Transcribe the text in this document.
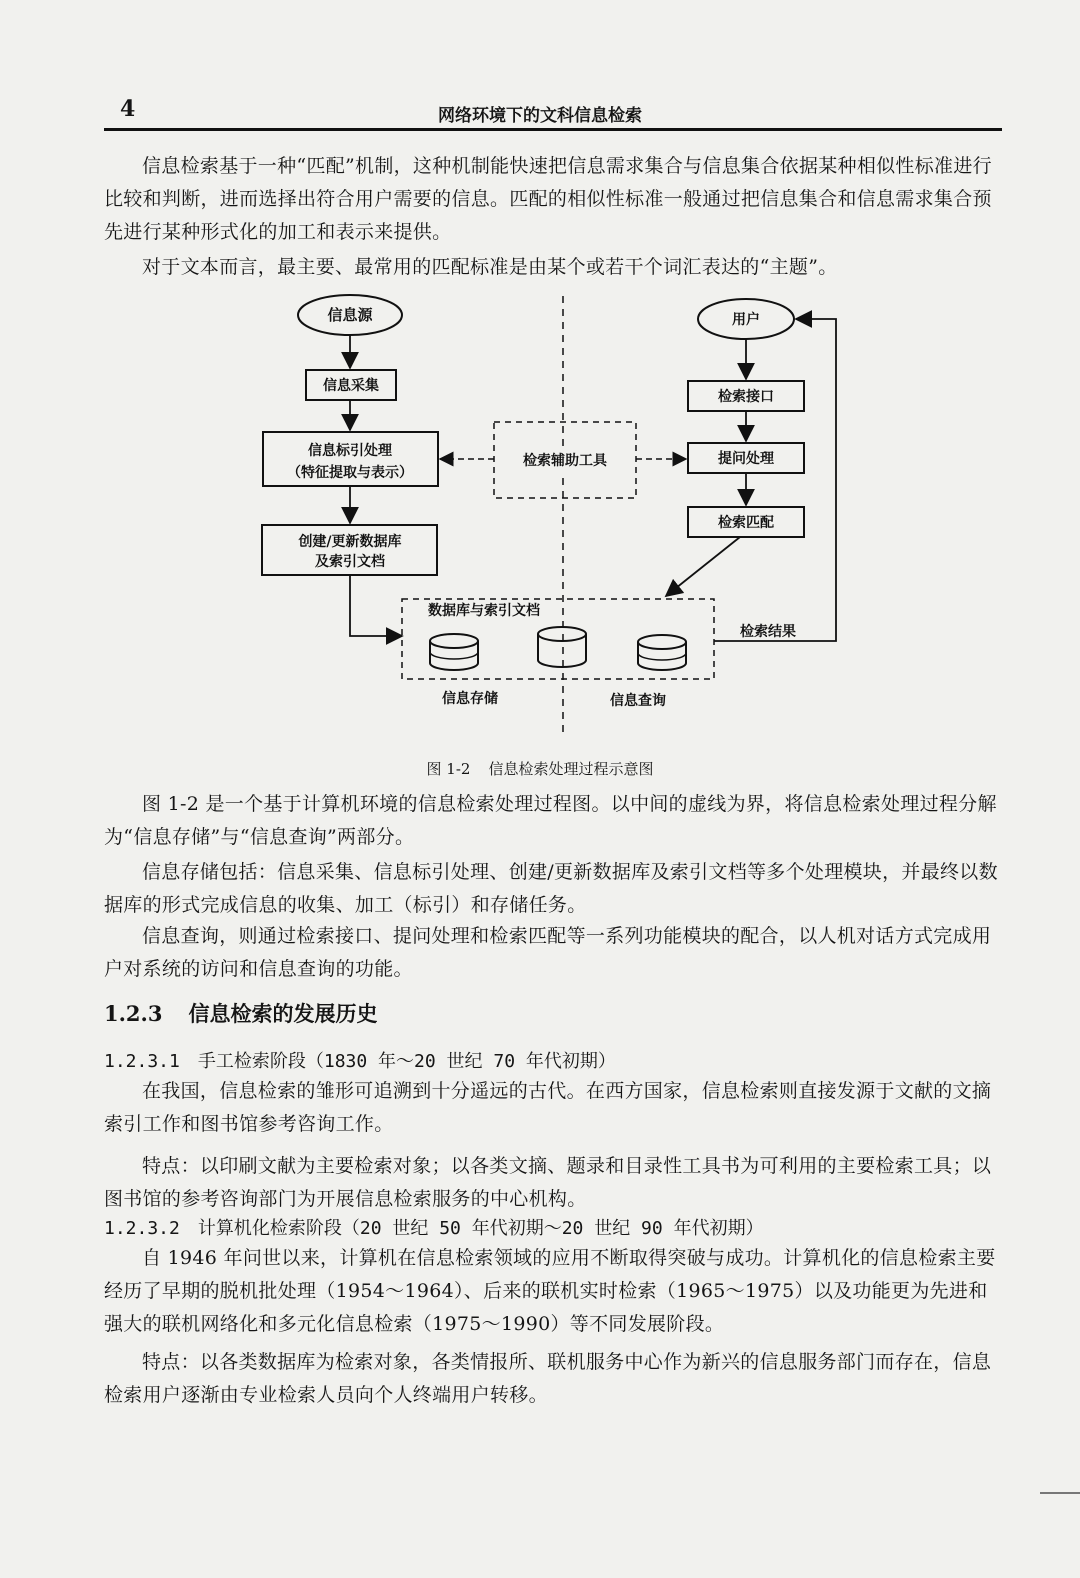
4	网络环境下的文科信息检索

信息检索基于一种“匹配”机制，这种机制能快速把信息需求集合与信息集合依据某种相似性标准进行比较和判断，进而选择出符合用户需要的信息。匹配的相似性标准一般通过把信息集合和信息需求集合预先进行某种形式化的加工和表示来提供。

对于文本而言，最主要、最常用的匹配标准是由某个或若干个词汇表达的“主题”。

信息源
信息采集
信息标引处理
（特征提取与表示）
创建/更新数据库
及索引文档
检索辅助工具
用户
检索接口
提问处理
检索匹配
检索结果
数据库与索引文档
信息存储	信息查询
图 1-2 信息检索处理过程示意图

图 1-2 是一个基于计算机环境的信息检索处理过程图。以中间的虚线为界，将信息检索处理过程分解为“信息存储”与“信息查询”两部分。

信息存储包括：信息采集、信息标引处理、创建/更新数据库及索引文档等多个处理模块，并最终以数据库的形式完成信息的收集、加工（标引）和存储任务。

信息查询，则通过检索接口、提问处理和检索匹配等一系列功能模块的配合，以人机对话方式完成用户对系统的访问和信息查询的功能。

1.2.3 信息检索的发展历史
1.2.3.1　手工检索阶段（1830 年～20 世纪 70 年代初期）

在我国，信息检索的雏形可追溯到十分遥远的古代。在西方国家，信息检索则直接发源于文献的文摘索引工作和图书馆参考咨询工作。

特点：以印刷文献为主要检索对象；以各类文摘、题录和目录性工具书为可利用的主要检索工具；以图书馆的参考咨询部门为开展信息检索服务的中心机构。

1.2.3.2　计算机化检索阶段（20 世纪 50 年代初期～20 世纪 90 年代初期）

自 1946 年问世以来，计算机在信息检索领域的应用不断取得突破与成功。计算机化的信息检索主要经历了早期的脱机批处理（1954～1964）、后来的联机实时检索（1965～1975）以及功能更为先进和强大的联机网络化和多元化信息检索（1975～1990）等不同发展阶段。

特点：以各类数据库为检索对象，各类情报所、联机服务中心作为新兴的信息服务部门而存在，信息检索用户逐渐由专业检索人员向个人终端用户转移。
